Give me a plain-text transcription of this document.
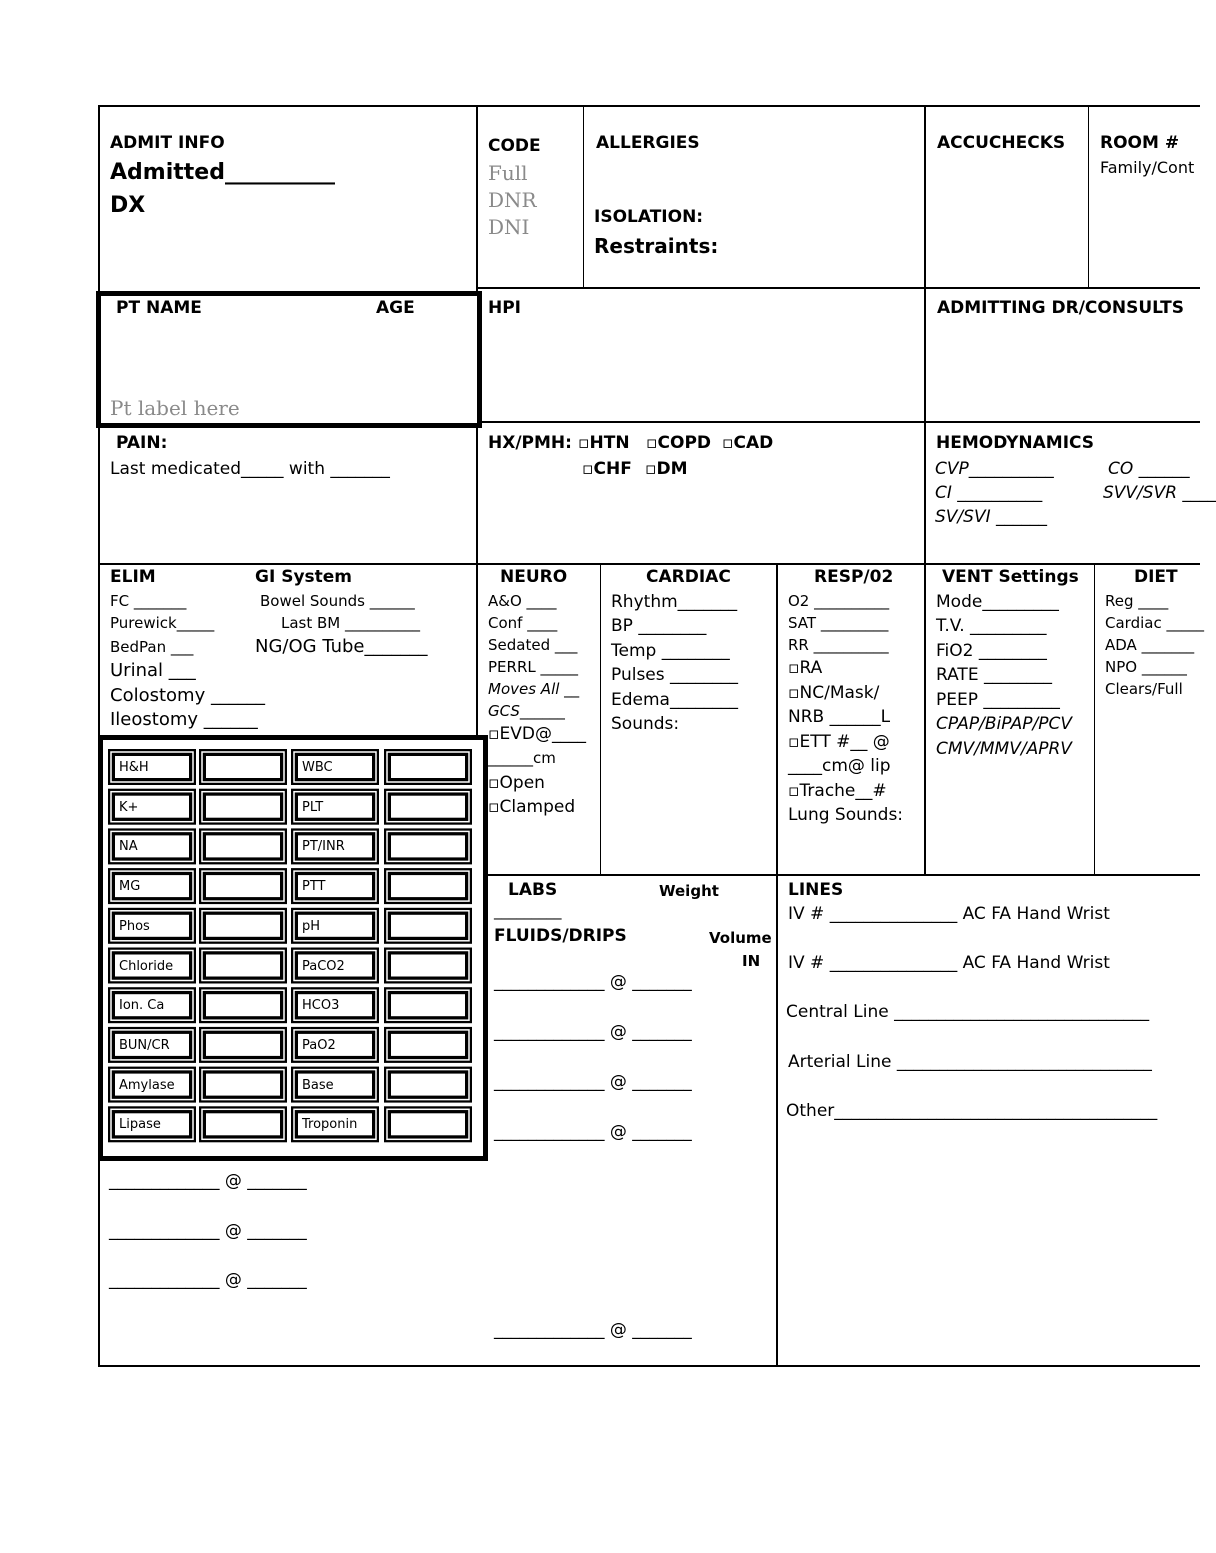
ADMIT INFO
Admitted__________
DX
CODE
Full
DNR
DNI
ALLERGIES
ISOLATION:
Restraints:
ACCUCHECKS ROOM #
Family/Cont
PT NAME	AGE
Pt label here
HPI	ADMITTING DR/CONSULTS
PAIN:
Last medicated_____ with _______
HX/PMH: ▫HTN ▫COPD ▫CAD
▫CHF ▫DM
HEMODYNAMICS
CVP__________	CO ______
CI __________	SVV/SVR ____
SV/SVI ______
ELIM
FC _______
Purewick_____
BedPan ___
Urinal ___
Colostomy ______
Ileostomy ______
GI System
Bowel Sounds ______
Last BM __________
NG/OG Tube_______
NEURO
A&O ____
Conf ____
Sedated ___
PERRL _____
Moves All __
GCS______
▫EVD@____
______cm
▫Open
▫Clamped
CARDIAC
Rhythm_______
BP ________
Temp ________
Pulses ________
Edema________
Sounds:
RESP/02
O2 __________
SAT _________
RR __________
▫RA
▫NC/Mask/
NRB ______L
▫ETT #__ @
____cm@ lip
▫Trache__#
Lung Sounds:
VENT Settings
Mode_________
T.V. _________
FiO2 ________
RATE ________
PEEP _________
CPAP/BiPAP/PCV
CMV/MMV/APRV
DIET
Reg ____
Cardiac _____
ADA _______
NPO ______
Clears/Full
H&H	WBC
K+	PLT
NA	PT/INR
MG	PTT
Phos	pH
Chloride	PaCO2
Ion. Ca	HCO3
BUN/CR	PaO2
Amylase	Base
Lipase	Troponin
LABS	Weight
_________
FLUIDS/DRIPS	Volume
IN
_____________ @ _______
_____________ @ _______
_____________ @ _______
_____________ @ _______
_____________ @ _______
_____________ @ _______
_____________ @ _______
_____________ @ _______
LINES
IV # _______________ AC FA Hand Wrist
IV # _______________ AC FA Hand Wrist
Central Line ______________________________
Arterial Line ______________________________
Other______________________________________
